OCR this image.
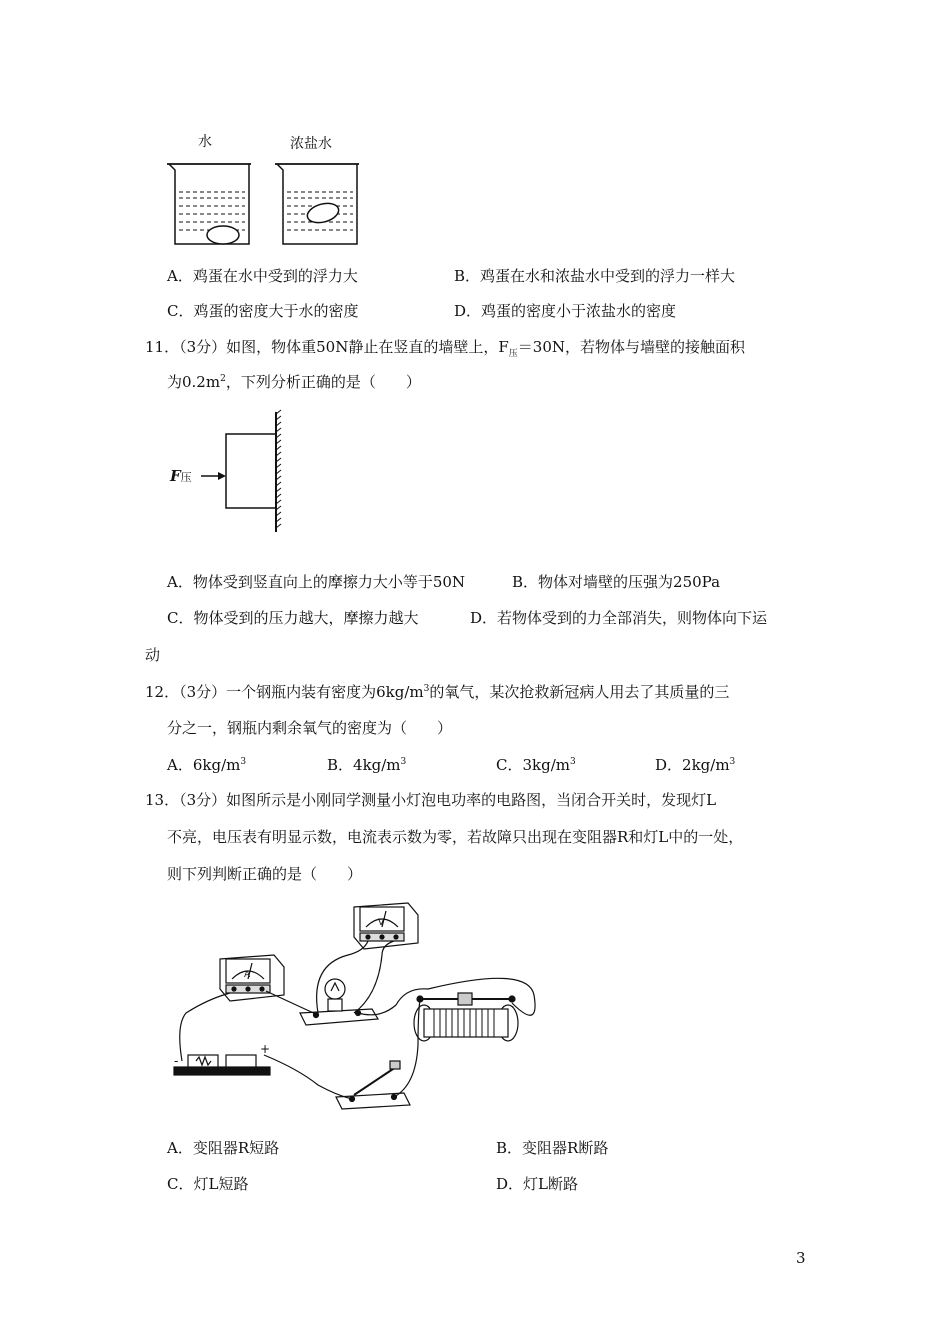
水	浓盐水
A．鸡蛋在水中受到的浮力大	B．鸡蛋在水和浓盐水中受到的浮力一样大
C．鸡蛋的密度大于水的密度	D．鸡蛋的密度小于浓盐水的密度
11．（3分）如图，物体重50N静止在竖直的墙壁上，$F_压=30N$，若物体与墙壁的接触面积
为$0.2m^2$，下列分析正确的是（　　）
F压
A．物体受到竖直向上的摩擦力大小等于50N	B．物体对墙壁的压强为250Pa
C．物体受到的压力越大，摩擦力越大	D．若物体受到的力全部消失，则物体向下运
动
12．（3分）一个钢瓶内装有密度为$6kg/m^3$的氧气，某次抢救新冠病人用去了其质量的三
分之一，钢瓶内剩余氧气的密度为（　　）
A．$6kg/m^3$	B．$4kg/m^3$	C．$3kg/m^3$	D．$2kg/m^3$
13．（3分）如图所示是小刚同学测量小灯泡电功率的电路图，当闭合开关时，发现灯L
不亮，电压表有明显示数，电流表示数为零，若故障只出现在变阻器R和灯L中的一处，
则下列判断正确的是（　　）
V
A
-
+
A．变阻器R短路	B．变阻器R断路
C．灯L短路	D．灯L断路
3
